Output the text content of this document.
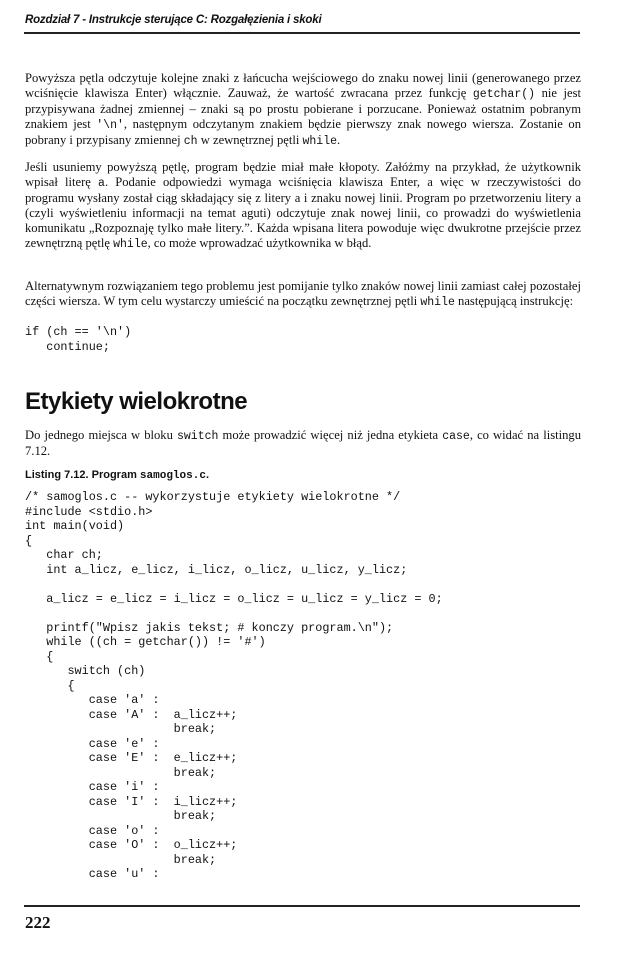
Rozdział 7 - Instrukcje sterujące C: Rozgałęzienia i skoki

Powyższa pętla odczytuje kolejne znaki z łańcucha wejściowego do znaku nowej linii (generowanego przez wciśnięcie klawisza Enter) włącznie. Zauważ, że wartość zwracana przez funkcję getchar() nie jest przypisywana żadnej zmiennej – znaki są po prostu pobierane i porzucane. Ponieważ ostatnim pobranym znakiem jest '\n', następnym odczytanym znakiem będzie pierwszy znak nowego wiersza. Zostanie on pobrany i przypisany zmiennej ch w zewnętrznej pętli while.

Jeśli usuniemy powyższą pętlę, program będzie miał małe kłopoty. Załóżmy na przykład, że użytkownik wpisał literę a. Podanie odpowiedzi wymaga wciśnięcia klawisza Enter, a więc w rzeczywistości do programu wysłany został ciąg składający się z litery a i znaku nowej linii. Program po przetworzeniu litery a (czyli wyświetleniu informacji na temat aguti) odczytuje znak nowej linii, co prowadzi do wyświetlenia komunikatu „Rozpoznaję tylko małe litery.”. Każda wpisana litera powoduje więc dwukrotne przejście przez zewnętrzną pętlę while, co może wprowadzać użytkownika w błąd.

Alternatywnym rozwiązaniem tego problemu jest pomijanie tylko znaków nowej linii zamiast całej pozostałej części wiersza. W tym celu wystarczy umieścić na początku zewnętrznej pętli while następującą instrukcję:

if (ch == '\n')
continue;
Etykiety wielokrotne

Do jednego miejsca w bloku switch może prowadzić więcej niż jedna etykieta case, co widać na listingu 7.12.

Listing 7.12. Program samoglos.c.
/* samoglos.c -- wykorzystuje etykiety wielokrotne */
#include <stdio.h>
int main(void)
{
char ch;
int a_licz, e_licz, i_licz, o_licz, u_licz, y_licz;

a_licz = e_licz = i_licz = o_licz = u_licz = y_licz = 0;

printf("Wpisz jakis tekst; # konczy program.\n");
while ((ch = getchar()) != '#')
{
switch (ch)
{
case 'a' :
case 'A' :  a_licz++;
break;
case 'e' :
case 'E' :  e_licz++;
break;
case 'i' :
case 'I' :  i_licz++;
break;
case 'o' :
case 'O' :  o_licz++;
break;
case 'u' :
222
